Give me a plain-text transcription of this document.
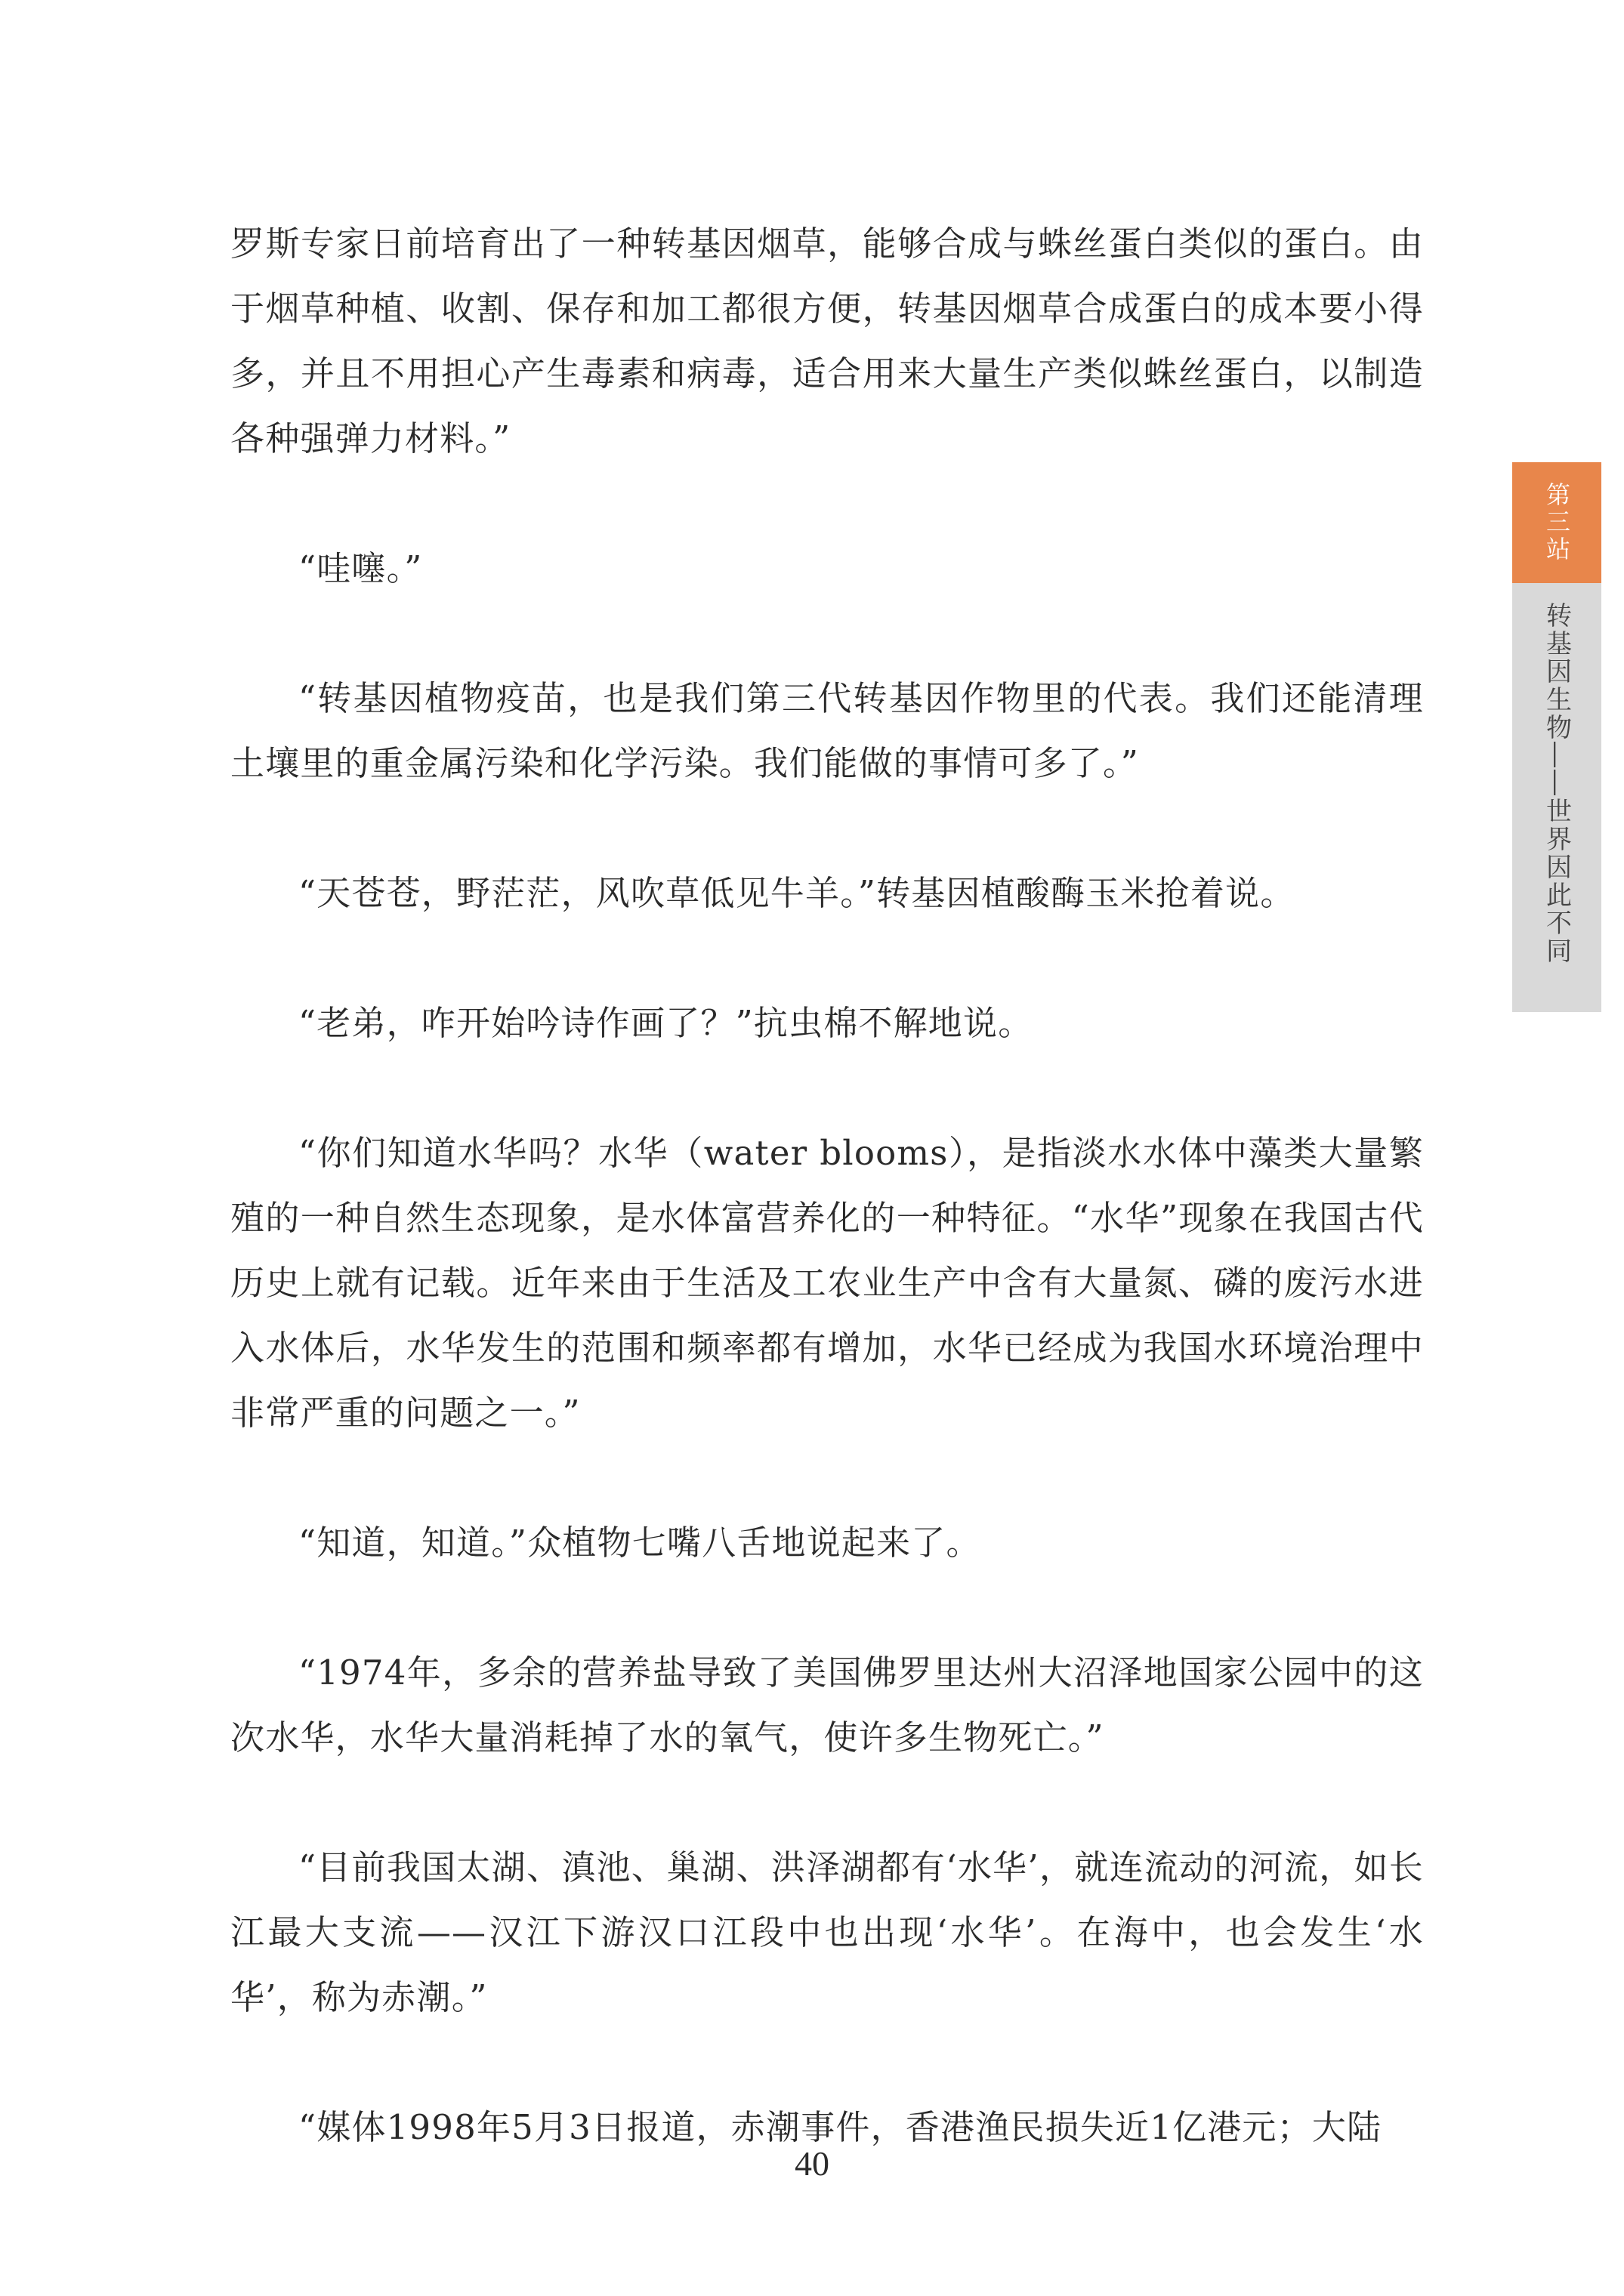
罗斯专家日前培育出了一种转基因烟草，能够合成与蛛丝蛋白类似的蛋白。由于烟草种植、收割、保存和加工都很方便，转基因烟草合成蛋白的成本要小得多，并且不用担心产生毒素和病毒，适合用来大量生产类似蛛丝蛋白，以制造各种强弹力材料。”

“哇噻。”

“转基因植物疫苗，也是我们第三代转基因作物里的代表。我们还能清理土壤里的重金属污染和化学污染。我们能做的事情可多了。”

“天苍苍，野茫茫，风吹草低见牛羊。”转基因植酸酶玉米抢着说。

“老弟，咋开始吟诗作画了？”抗虫棉不解地说。

“你们知道水华吗？水华（water blooms），是指淡水水体中藻类大量繁殖的一种自然生态现象，是水体富营养化的一种特征。“水华”现象在我国古代历史上就有记载。近年来由于生活及工农业生产中含有大量氮、磷的废污水进入水体后，水华发生的范围和频率都有增加，水华已经成为我国水环境治理中非常严重的问题之一。”

“知道，知道。”众植物七嘴八舌地说起来了。

“1974年，多余的营养盐导致了美国佛罗里达州大沼泽地国家公园中的这次水华，水华大量消耗掉了水的氧气，使许多生物死亡。”

“目前我国太湖、滇池、巢湖、洪泽湖都有‘水华’，就连流动的河流，如长江最大支流——汉江下游汉口江段中也出现‘水华’。在海中，也会发生‘水华’，称为赤潮。”

“媒体1998年5月3日报道，赤潮事件，香港渔民损失近1亿港元；大陆

第三站
转基因生物——世界因此不同
40
